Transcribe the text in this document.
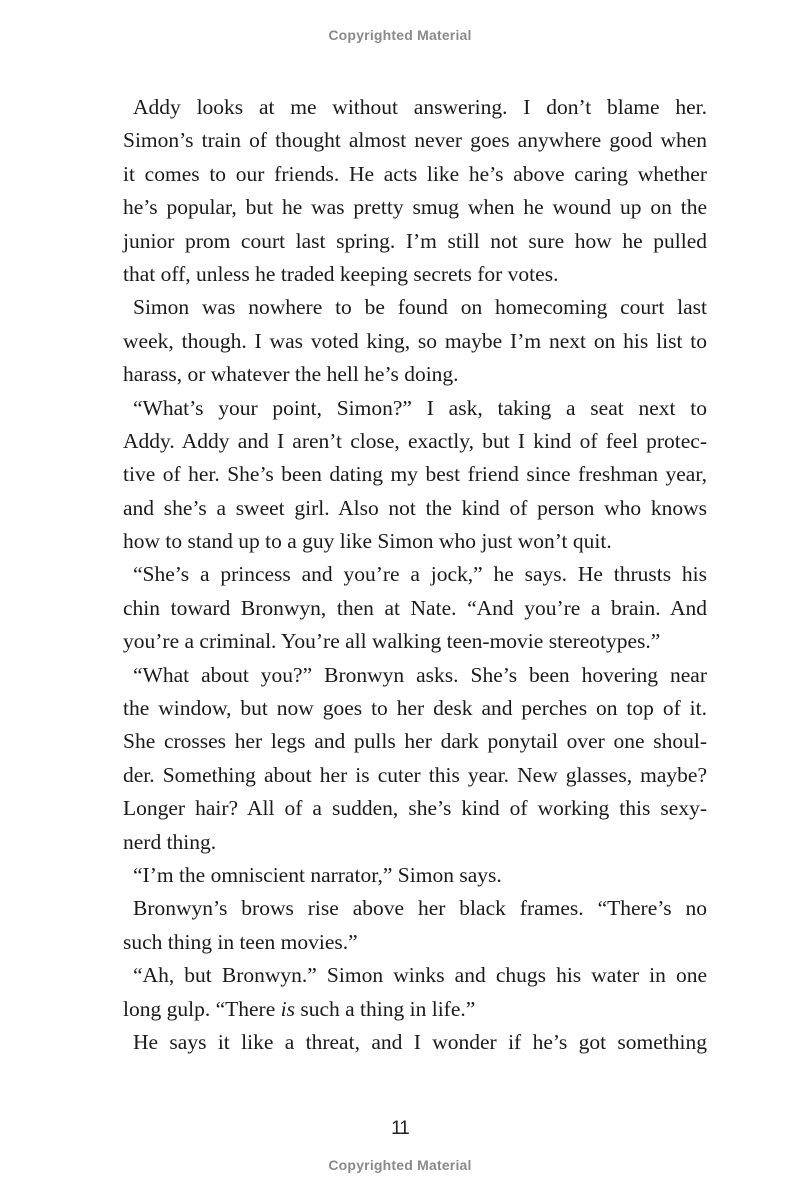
Copyrighted Material
Addy looks at me without answering. I don’t blame her.
Simon’s train of thought almost never goes anywhere good when
it comes to our friends. He acts like he’s above caring whether
he’s popular, but he was pretty smug when he wound up on the
junior prom court last spring. I’m still not sure how he pulled
that off, unless he traded keeping secrets for votes.
Simon was nowhere to be found on homecoming court last
week, though. I was voted king, so maybe I’m next on his list to
harass, or whatever the hell he’s doing.
“What’s your point, Simon?” I ask, taking a seat next to
Addy. Addy and I aren’t close, exactly, but I kind of feel protec-
tive of her. She’s been dating my best friend since freshman year,
and she’s a sweet girl. Also not the kind of person who knows
how to stand up to a guy like Simon who just won’t quit.
“She’s a princess and you’re a jock,” he says. He thrusts his
chin toward Bronwyn, then at Nate. “And you’re a brain. And
you’re a criminal. You’re all walking teen-movie stereotypes.”
“What about you?” Bronwyn asks. She’s been hovering near
the window, but now goes to her desk and perches on top of it.
She crosses her legs and pulls her dark ponytail over one shoul-
der. Something about her is cuter this year. New glasses, maybe?
Longer hair? All of a sudden, she’s kind of working this sexy-
nerd thing.
“I’m the omniscient narrator,” Simon says.
Bronwyn’s brows rise above her black frames. “There’s no
such thing in teen movies.”
“Ah, but Bronwyn.” Simon winks and chugs his water in one
long gulp. “There is such a thing in life.”
He says it like a threat, and I wonder if he’s got something
11
Copyrighted Material
